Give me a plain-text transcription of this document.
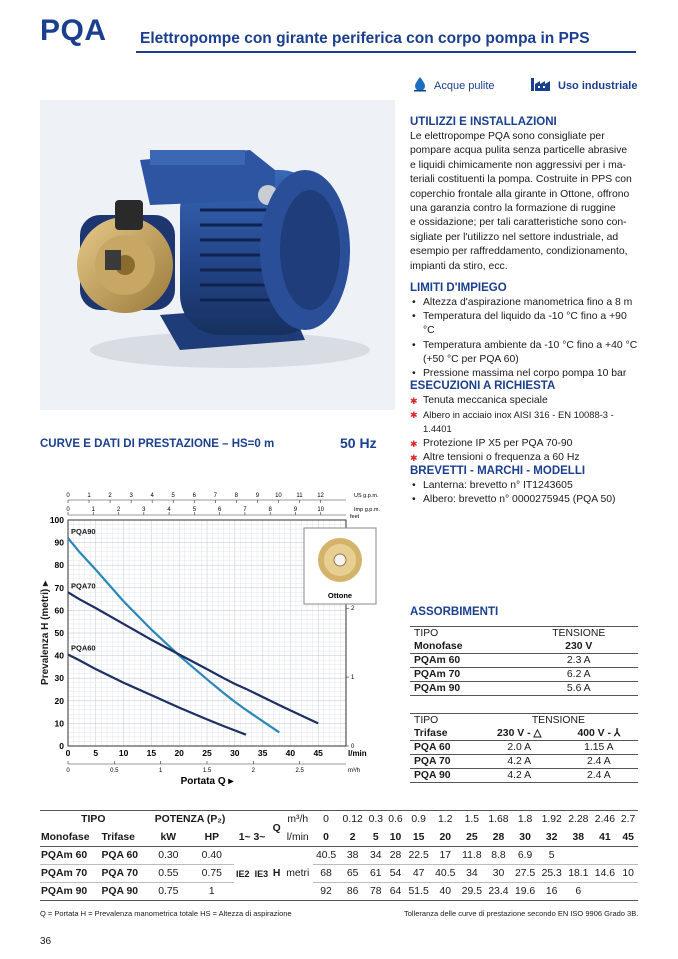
PQA Elettropompe con girante periferica con corpo pompa in PPS
Acque pulite	Uso industriale
UTILIZZI E INSTALLAZIONI
Le elettropompe PQA sono consigliate per
pompare acqua pulita senza particelle abrasive
e liquidi chimicamente non aggressivi per i ma-
teriali costituenti la pompa. Costruite in PPS con
coperchio frontale alla girante in Ottone, offrono
una garanzia contro la formazione di ruggine
e ossidazione; per tali caratteristiche sono con-
sigliate per l'utilizzo nel settore industriale, ad
esempio per raffreddamento, condizionamento,
impianti da stiro, ecc.
LIMITI D'IMPIEGO
• Altezza d'aspirazione manometrica fino a 8 m
• Temperatura del liquido da -10 °C fino a +90 °C
• Temperatura ambiente da -10 °C fino a +40 °C
(+50 °C per PQA 60)
• Pressione massima nel corpo pompa 10 bar
ESECUZIONI A RICHIESTA
✱ Tenuta meccanica speciale
✱ Albero in acciaio inox AISI 316 - EN 10088-3 - 1.4401
✱ Protezione IP X5 per PQA 70-90
✱ Altre tensioni o frequenza a 60 Hz
BREVETTI - MARCHI - MODELLI
• Lanterna: brevetto n° IT1243605
• Albero: brevetto n° 0000275945 (PQA 50)
ASSORBIMENTI
TIPO	TENSIONE
Monofase	230 V
PQAm 60	2.3 A
PQAm 70	6.2 A
PQAm 90	5.6 A
TIPO	TENSIONE	
Trifase	230 V - △	400 V - ⅄
PQA 60	2.0 A	1.15 A
PQA 70	4.2 A	2.4 A
PQA 90	4.2 A	2.4 A
CURVE E DATI DI PRESTAZIONE – HS=0 m	50 Hz
0
10
20
30
40
50
60
70
80
90
100
0	5 10 15 20 25 30 35 40 45	l/min
0	0.5	1	1.5	2	2.5	m³/h
0	1	2	3	4	5	6	7	8	9	10 11 12	US g.p.m.
0	1	2	3	4	5	6	7	8	9	10	Imp g.p.m.
feet
0
1
2
Prevalenza H (metri) ▸
Portata Q ▸
PQA90
PQA70
PQA60
Ottone
TIPO		POTENZA (P₂)				Q	m³/h	0	0.12	0.3	0.6	0.9	1.2	1.5	1.68	1.8	1.92	2.28	2.46	2.7
Monofase	Trifase	kW	HP	1~ 3~			l/min	0	2	5	10	15	20	25	28	30	32	38	41	45
PQAm 60	PQA 60	0.30	0.40	IE2	IE3	H	metri	40.5	38	34	28	22.5	17	11.8	8.8	6.9	5			
PQAm 70	PQA 70	0.55	0.75					68	65	61	54	47	40.5	34	30	27.5	25.3	18.1	14.6	10
PQAm 90	PQA 90	0.75	1					92	86	78	64	51.5	40	29.5	23.4	19.6	16	6		
Q = Portata H = Prevalenza manometrica totale HS = Altezza di aspirazione	Tolleranza delle curve di prestazione secondo EN ISO 9906 Grado 3B.
36
